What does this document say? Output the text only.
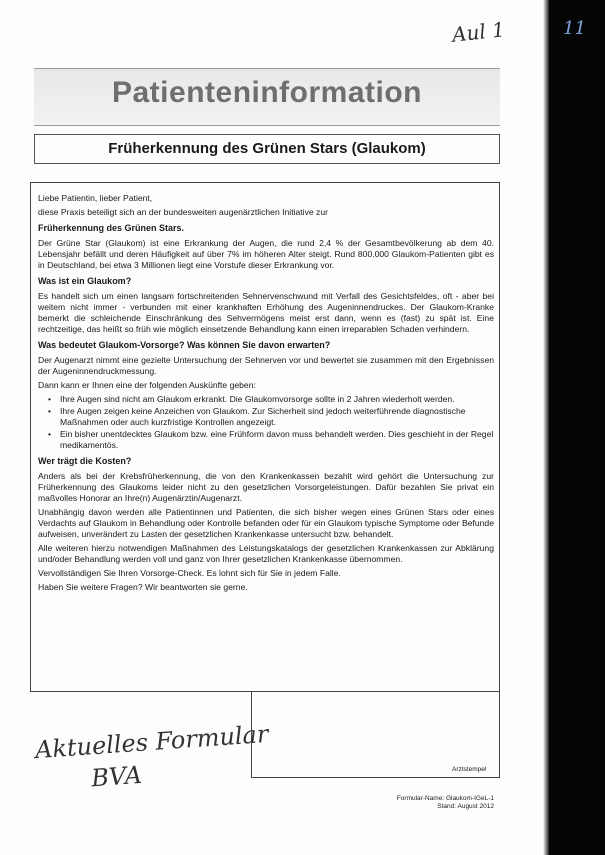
Aul 1	11
Patienteninformation
Früherkennung des Grünen Stars (Glaukom)

Liebe Patientin, lieber Patient,

diese Praxis beteiligt sich an der bundesweiten augenärztlichen Initiative zur

Früherkennung des Grünen Stars.

Der Grüne Star (Glaukom) ist eine Erkrankung der Augen, die rund 2,4 % der Gesamtbevölkerung ab dem 40. Lebensjahr befällt und deren Häufigkeit auf über 7% im höheren Alter steigt. Rund 800.000 Glaukom-Patienten gibt es in Deutschland, bei etwa 3 Millionen liegt eine Vorstufe dieser Erkrankung vor.

Was ist ein Glaukom?

Es handelt sich um einen langsam fortschreitenden Sehnervenschwund mit Verfall des Gesichtsfeldes, oft - aber bei weitem nicht immer - verbunden mit einer krankhaften Erhöhung des Augeninnendruckes. Der Glaukom-Kranke bemerkt die schleichende Einschränkung des Sehvermögens meist erst dann, wenn es (fast) zu spät ist. Eine rechtzeitige, das heißt so früh wie möglich einsetzende Behandlung kann einen irreparablen Schaden verhindern.

Was bedeutet Glaukom-Vorsorge? Was können Sie davon erwarten?

Der Augenarzt nimmt eine gezielte Untersuchung der Sehnerven vor und bewertet sie zusammen mit den Ergebnissen der Augeninnendruckmessung.

Dann kann er Ihnen eine der folgenden Auskünfte geben:

• Ihre Augen sind nicht am Glaukom erkrankt. Die Glaukomvorsorge sollte in 2 Jahren wiederholt werden.
• Ihre Augen zeigen keine Anzeichen von Glaukom. Zur Sicherheit sind jedoch weiterführende diagnostische Maßnahmen oder auch kurzfristige Kontrollen angezeigt.
• Ein bisher unentdecktes Glaukom bzw. eine Frühform davon muss behandelt werden. Dies geschieht in der Regel medikamentös.

Wer trägt die Kosten?

Anders als bei der Krebsfrüherkennung, die von den Krankenkassen bezahlt wird gehört die Untersuchung zur Früherkennung des Glaukoms leider nicht zu den gesetzlichen Vorsorgeleistungen. Dafür bezahlen Sie privat ein maßvolles Honorar an Ihre(n) Augenärztin/Augenarzt.

Unabhängig davon werden alle Patientinnen und Patienten, die sich bisher wegen eines Grünen Stars oder eines Verdachts auf Glaukom in Behandlung oder Kontrolle befanden oder für ein Glaukom typische Symptome oder Befunde aufweisen, unverändert zu Lasten der gesetzlichen Krankenkasse untersucht bzw. behandelt.

Alle weiteren hierzu notwendigen Maßnahmen des Leistungskatalogs der gesetzlichen Krankenkassen zur Abklärung und/oder Behandlung werden voll und ganz von Ihrer gesetzlichen Krankenkasse übernommen.

Vervollständigen Sie Ihren Vorsorge-Check. Es lohnt sich für Sie in jedem Falle.

Haben Sie weitere Fragen? Wir beantworten sie gerne.

Arztstempel
Aktuelles Formular
BVA
Formular-Name: Glaukom-IGeL-1
Stand: August 2012
